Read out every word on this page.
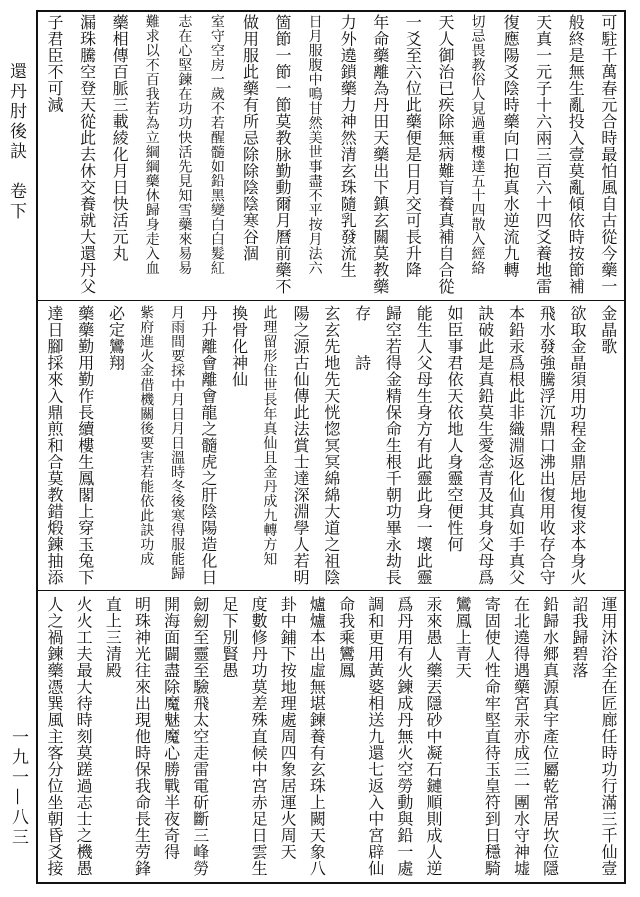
還丹肘後訣　卷下
一九一—八三
可駐千萬春元合時最怕風自古從今藥一
般終是無生亂投入壹莫亂傾依時按節補
天真一元子十六兩三百六十四爻養地雷
復應陽爻陰時藥向口抱真水逆流九轉
切忌畏教俗人見過重樓達五十四散入經絡
天人御治已疾除無病難肓養真補自合從
一爻至六位此藥便是日月交可長升降
年命藥離為丹田天藥出下鎮玄關莫教藥
力外遶鎖藥力神然清玄珠隨乳發流生
日月服腹中鳴甘然美世事盡不平按月法六
箇節一節一節莫教脉勤動爾月曆前藥不
做用服此藥有所忌除除陰陰寒谷涸
室守空房一歲不若醒髓如鉛黑變白白髮紅
志在心堅鍊在功功快活先見知雪藥來易易
難求以不百我若為立綱綱藥休歸身走入血
藥相傳百脈三載綾化月日快活元丸
漏珠騰空登天從此去休交養就大還丹父
子君臣不可減
金晶歌
欲取金晶須用功程金鼎居地復求本身火
飛水發強騰浮沉鼎口沸出復用收存合守
本鉛汞爲根此非織淵返化仙真如手真父
訣破此是真鉛莫生愛念青及其身父母爲
如臣事君依天依地人身靈空便性何
能生人父母生身方有此靈此身一壞此靈
歸空若得金精保命生根千朝功畢永劫長
存　　詩
玄玄先地先天恍惚冥冥綿綿大道之祖陰
陽之源古仙傳此法賞士達深淵學人若明
此理留形住世長年真仙且金丹成九轉方知
換骨化神仙
丹升離會離會龍之髓虎之肝陰陽造化日
月雨間要採中月日月日溫時冬後寒得服能歸
紫府進火金借機關後要害若能依此訣功成
必定鸞翔
藥藥勤用勤作長續樓生鳳閣上穿玉兔下
達日腳採來入鼎煎和合莫教錯煅鍊抽添
運用沐浴全在匠廊任時功行滿三千仙壹
詔我歸碧落
鉛歸水郷真源真宇產位屬乾常居坎位隱
在北遶得遇藥宮汞亦成三一團水守神墟
寄固使人性命牢堅直待玉皇符到日穩騎
鸞鳳上青天
汞來愚人藥丟隱砂中凝石鏈順則成人逆
爲丹用有火鍊成丹無火空勞動與鉛一處
調和更用黃婆相送九還七返入中宮辟仙
命我乘鸞鳳
爐爐本出虛無堪鍊養有玄珠上闕天象八
卦中鋪下按地理處周四象居運火周天
度數修丹功莫差殊直候中宮赤足日雲生
足下別賢愚
劒劒至靈至驗飛太空走雷電斫斷三峰勞
開海面闢盡除魔魅魔心勝戰半夜奇得
明珠神光往來出現他時保我命長生劳鋒
直上三清殿
火火工夫最大待時刻莫蹉過志士之機愚
人之禍鍊藥憑巽風主客分位坐朝昏爻接
